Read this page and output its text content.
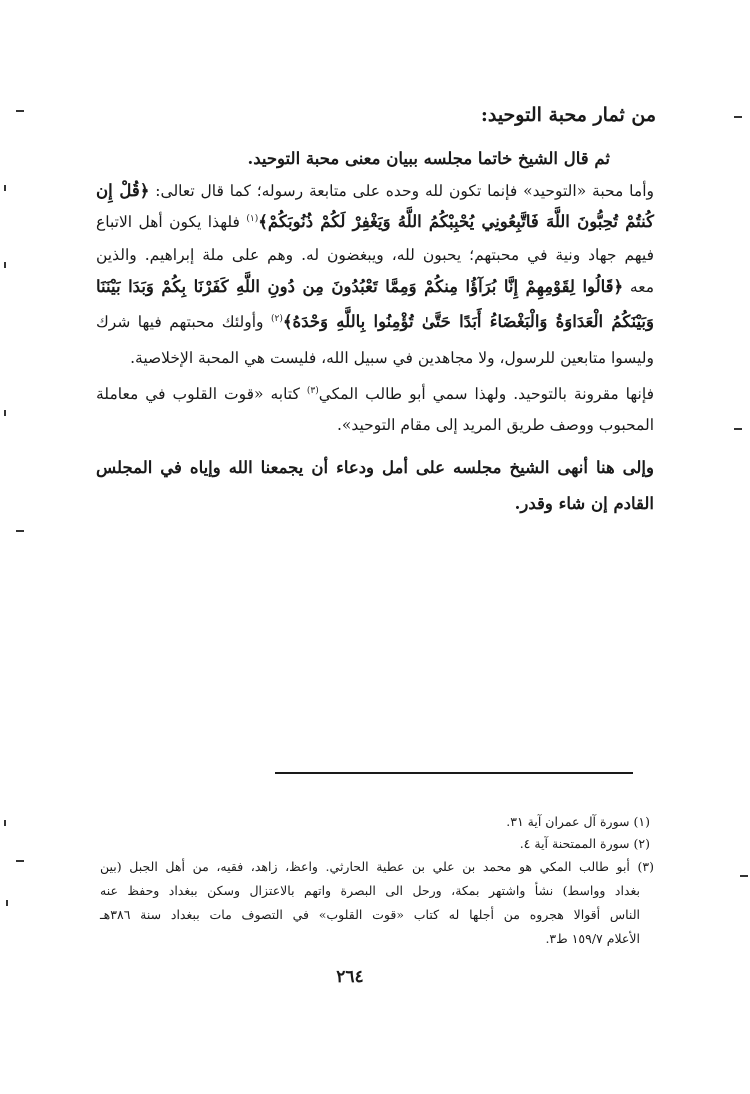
من ثمار محبة التوحيد:
ثم قال الشيخ خاتما مجلسه ببيان معنى محبة التوحيد.
وأما محبة «التوحيد» فإنما تكون لله وحده على متابعة رسوله؛ كما قال تعالى: ﴿قُلْ إِن
كُنتُمْ تُحِبُّونَ اللَّهَ فَاتَّبِعُونِي يُحْبِبْكُمُ اللَّهُ وَيَغْفِرْ لَكُمْ ذُنُوبَكُمْ﴾$^{(١)}$ فلهذا يكون أهل الاتباع
فيهم جهاد ونية في محبتهم؛ يحبون لله، ويبغضون له. وهم على ملة إبراهيم. والذين
معه ﴿قَالُوا لِقَوْمِهِمْ إِنَّا بُرَآؤُا مِنكُمْ وَمِمَّا تَعْبُدُونَ مِن دُونِ اللَّهِ كَفَرْنَا بِكُمْ وَبَدَا بَيْنَنَا
وَبَيْنَكُمُ الْعَدَاوَةُ وَالْبَغْضَاءُ أَبَدًا حَتَّىٰ تُؤْمِنُوا بِاللَّهِ وَحْدَهُ﴾$^{(٢)}$ وأولئك محبتهم فيها شرك
وليسوا متابعين للرسول، ولا مجاهدين في سبيل الله، فليست هي المحبة الإخلاصية.
فإنها مقرونة بالتوحيد. ولهذا سمي أبو طالب المكي$^{(٣)}$ كتابه «قوت القلوب في معاملة
المحبوب ووصف طريق المريد إلى مقام التوحيد».
وإلى هنا أنهى الشيخ مجلسه على أمل ودعاء أن يجمعنا الله وإياه في المجلس
القادم إن شاء وقدر.
(١) سورة آل عمران آية ٣١.
(٢) سورة الممتحنة آية ٤.
(٣) أبو طالب المكي هو محمد بن علي بن عطية الحارثي. واعظ، زاهد، فقيه، من أهل الجبل (بين
بغداد وواسط) نشأ واشتهر بمكة، ورحل الى البصرة واتهم بالاعتزال وسكن ببغداد وحفظ عنه
الناس أقوالا هجروه من أجلها له كتاب «قوت القلوب» في التصوف مات ببغداد سنة ٣٨٦هـ
الأعلام ١٥٩/٧ ط٣.
٢٦٤
